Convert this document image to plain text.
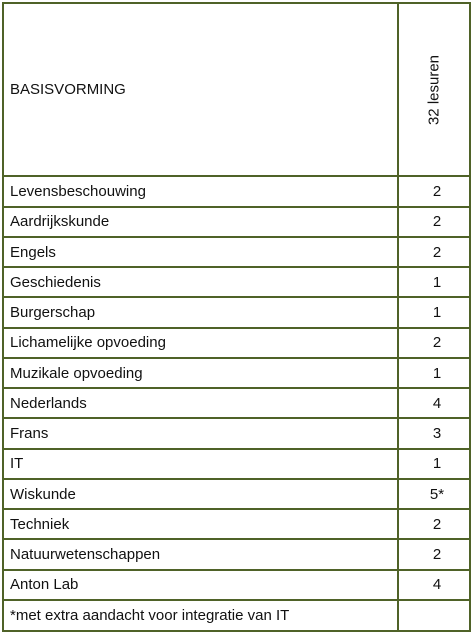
BASISVORMING	32 lesuren

Levensbeschouwing	2
Aardrijkskunde	2
Engels	2
Geschiedenis	1
Burgerschap	1
Lichamelijke opvoeding	2
Muzikale opvoeding	1
Nederlands	4
Frans	3
IT	1
Wiskunde	5*
Techniek	2
Natuurwetenschappen	2
Anton Lab	4
*met extra aandacht voor integratie van IT	
